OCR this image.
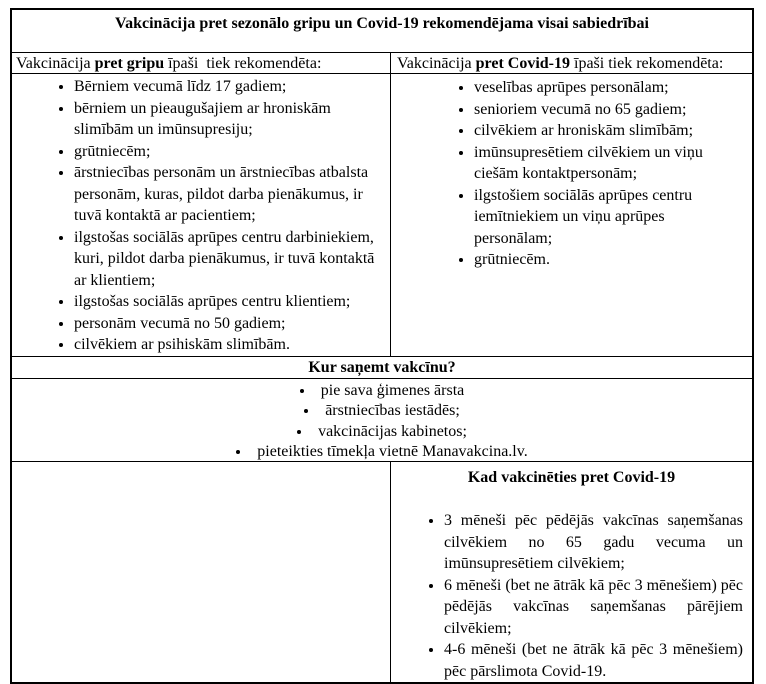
Vakcinācija pret sezonālo gripu un Covid-19 rekomendējama visai sabiedrībai
Vakcinācija pret gripu īpaši  tiek rekomendēta:	Vakcinācija pret Covid-19 īpaši tiek rekomendēta:
• Bērniem vecumā līdz 17 gadiem;
• bērniem un pieaugušajiem ar hroniskām slimībām un imūnsupresiju;
• grūtniecēm;
• ārstniecības personām un ārstniecības atbalsta personām, kuras, pildot darba pienākumus, ir tuvā kontaktā ar pacientiem;
• ilgstošas sociālās aprūpes centru darbiniekiem, kuri, pildot darba pienākumus, ir tuvā kontaktā ar klientiem;
• ilgstošas sociālās aprūpes centru klientiem;
• personām vecumā no 50 gadiem;
• cilvēkiem ar psihiskām slimībām.
• veselības aprūpes personālam;
• senioriem vecumā no 65 gadiem;
• cilvēkiem ar hroniskām slimībām;
• imūnsupresētiem cilvēkiem un viņu ciešām kontaktpersonām;
• ilgstošiem sociālās aprūpes centru iemītniekiem un viņu aprūpes personālam;
• grūtniecēm.
Kur saņemt vakcīnu?
• pie sava ģimenes ārsta
• ārstniecības iestādēs;
• vakcinācijas kabinetos;
• pieteikties tīmekļa vietnē Manavakcina.lv.
Kad vakcinēties pret Covid-19
• 3 mēneši pēc pēdējās vakcīnas saņemšanas cilvēkiem no 65 gadu vecuma un imūnsupresētiem cilvēkiem;
• 6 mēneši (bet ne ātrāk kā pēc 3 mēnešiem) pēc pēdējās vakcīnas saņemšanas pārējiem cilvēkiem;
• 4-6 mēneši (bet ne ātrāk kā pēc 3 mēnešiem) pēc pārslimota Covid-19.
